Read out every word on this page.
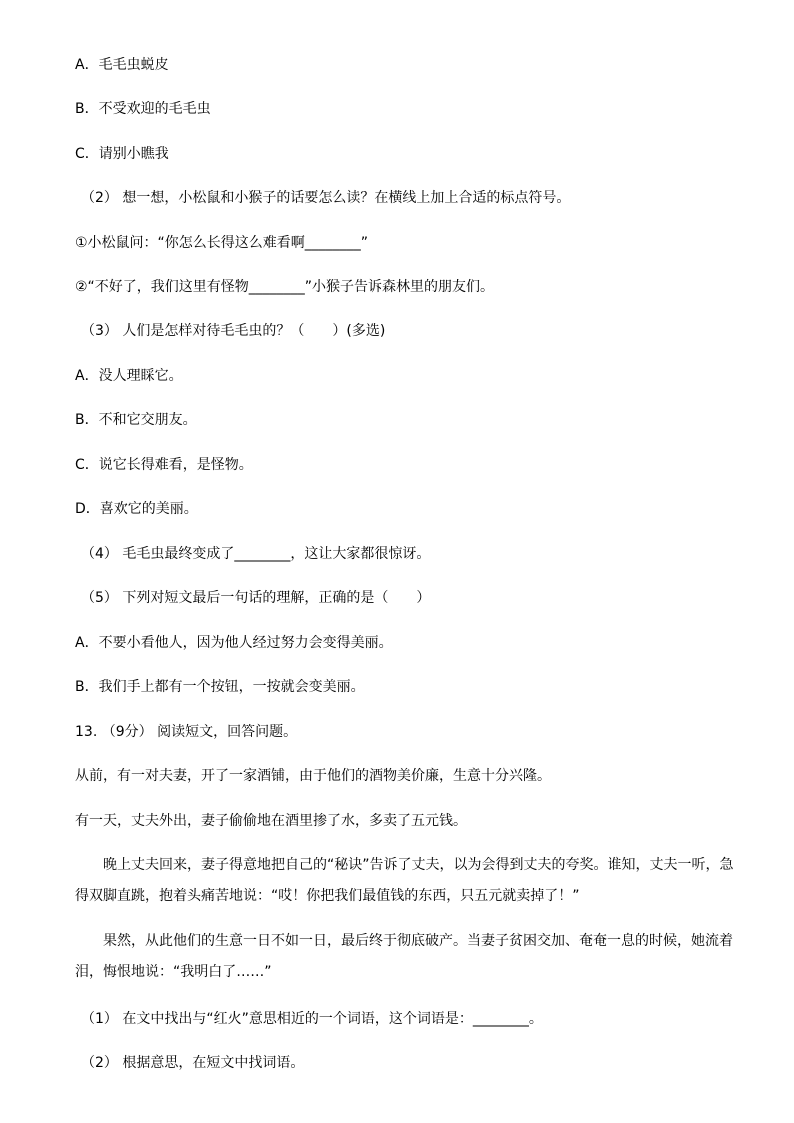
A．毛毛虫蜕皮

B．不受欢迎的毛毛虫

C．请别小瞧我

（2） 想一想，小松鼠和小猴子的话要怎么读？在横线上加上合适的标点符号。

①小松鼠问：“你怎么长得这么难看啊________”

②“不好了，我们这里有怪物________”小猴子告诉森林里的朋友们。

（3） 人们是怎样对待毛毛虫的？（　　）(多选)

A．没人理睬它。

B．不和它交朋友。

C．说它长得难看，是怪物。

D．喜欢它的美丽。

（4） 毛毛虫最终变成了________，这让大家都很惊讶。

（5） 下列对短文最后一句话的理解，正确的是（　　）

A．不要小看他人，因为他人经过努力会变得美丽。

B．我们手上都有一个按钮，一按就会变美丽。

13. （9分） 阅读短文，回答问题。

从前，有一对夫妻，开了一家酒铺，由于他们的酒物美价廉，生意十分兴隆。

有一天，丈夫外出，妻子偷偷地在酒里掺了水，多卖了五元钱。

晚上丈夫回来，妻子得意地把自己的“秘诀”告诉了丈夫，以为会得到丈夫的夸奖。谁知，丈夫一听，急得双脚直跳，抱着头痛苦地说：“哎！你把我们最值钱的东西，只五元就卖掉了！”

果然，从此他们的生意一日不如一日，最后终于彻底破产。当妻子贫困交加、奄奄一息的时候，她流着泪，悔恨地说：“我明白了……”

（1） 在文中找出与“红火”意思相近的一个词语，这个词语是：________。

（2） 根据意思，在短文中找词语。
